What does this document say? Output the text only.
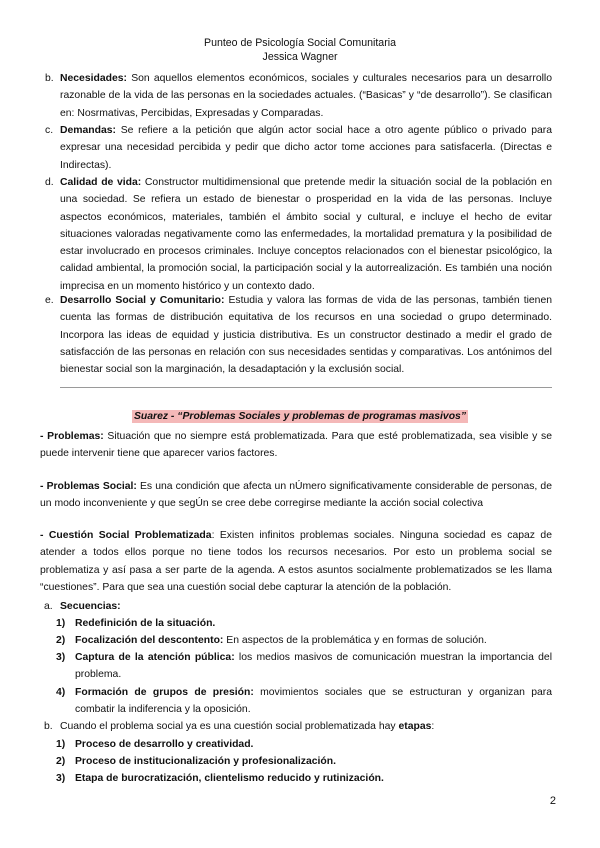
Punteo de Psicología Social Comunitaria
Jessica Wagner
b. Necesidades: Son aquellos elementos económicos, sociales y culturales necesarios para un desarrollo razonable de la vida de las personas en la sociedades actuales. (“Basicas” y “de desarrollo”). Se clasifican en: Nosrmativas, Percibidas, Expresadas y Comparadas.

c. Demandas: Se refiere a la petición que algún actor social hace a otro agente público o privado para expresar una necesidad percibida y pedir que dicho actor tome acciones para satisfacerla. (Directas e Indirectas).

d. Calidad de vida: Constructor multidimensional que pretende medir la situación social de la población en una sociedad. Se refiera un estado de bienestar o prosperidad en la vida de las personas. Incluye aspectos económicos, materiales, también el ámbito social y cultural, e incluye el hecho de evitar situaciones valoradas negativamente como las enfermedades, la mortalidad prematura y la posibilidad de estar involucrado en procesos criminales. Incluye conceptos relacionados con el bienestar psicológico, la calidad ambiental, la promoción social, la participación social y la autorrealización. Es también una noción imprecisa en un momento histórico y un contexto dado.

e. Desarrollo Social y Comunitario: Estudia y valora las formas de vida de las personas, también tienen cuenta las formas de distribución equitativa de los recursos en una sociedad o grupo determinado. Incorpora las ideas de equidad y justicia distributiva. Es un constructor destinado a medir el grado de satisfacción de las personas en relación con sus necesidades sentidas y comparativas. Los antónimos del bienestar social son la marginación, la desadaptación y la exclusión social.

Suarez - “Problemas Sociales y problemas de programas masivos”

- Problemas: Situación que no siempre está problematizada. Para que esté problematizada, sea visible y se puede intervenir tiene que aparecer varios factores.

- Problemas Social: Es una condición que afecta un nÚmero significativamente considerable de personas, de un modo inconveniente y que segÚn se cree debe corregirse mediante la acción social colectiva

- Cuestión Social Problematizada: Existen infinitos problemas sociales. Ninguna sociedad es capaz de atender a todos ellos porque no tiene todos los recursos necesarios. Por esto un problema social se problematiza y así pasa a ser parte de la agenda. A estos asuntos socialmente problematizados se les llama “cuestiones”. Para que sea una cuestión social debe capturar la atención de la población.

a. Secuencias:
1) Redefinición de la situación.

2) Focalización del descontento: En aspectos de la problemática y en formas de solución.

3) Captura de la atención pública: los medios masivos de comunicación muestran la importancia del problema.

4) Formación de grupos de presión: movimientos sociales que se estructuran y organizan para combatir la indiferencia y la oposición.

b. Cuando el problema social ya es una cuestión social problematizada hay etapas:

1) Proceso de desarrollo y creatividad.
2) Proceso de institucionalización y profesionalización.
3) Etapa de burocratización, clientelismo reducido y rutinización.
2
